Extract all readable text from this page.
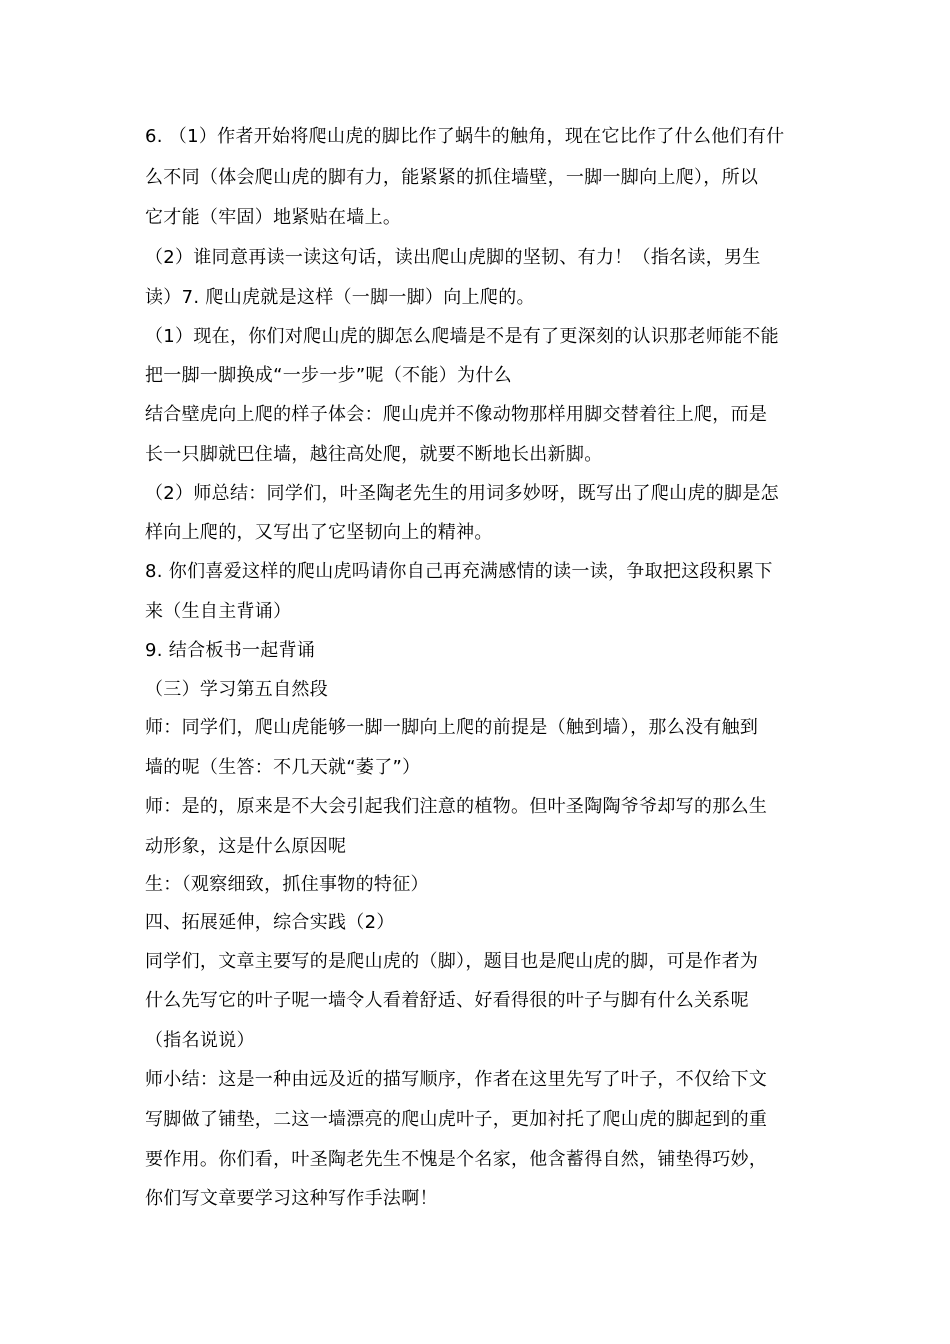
6. （1）作者开始将爬山虎的脚比作了蜗牛的触角，现在它比作了什么他们有什
么不同（体会爬山虎的脚有力，能紧紧的抓住墙壁，一脚一脚向上爬），所以
它才能（牢固）地紧贴在墙上。
（2）谁同意再读一读这句话，读出爬山虎脚的坚韧、有力！（指名读，男生
读）7. 爬山虎就是这样（一脚一脚）向上爬的。
（1）现在，你们对爬山虎的脚怎么爬墙是不是有了更深刻的认识那老师能不能
把一脚一脚换成“一步一步”呢（不能）为什么
结合壁虎向上爬的样子体会：爬山虎并不像动物那样用脚交替着往上爬，而是
长一只脚就巴住墙，越往高处爬，就要不断地长出新脚。
（2）师总结：同学们，叶圣陶老先生的用词多妙呀，既写出了爬山虎的脚是怎
样向上爬的，又写出了它坚韧向上的精神。
8. 你们喜爱这样的爬山虎吗请你自己再充满感情的读一读，争取把这段积累下
来（生自主背诵）
9. 结合板书一起背诵
（三）学习第五自然段
师：同学们，爬山虎能够一脚一脚向上爬的前提是（触到墙），那么没有触到
墙的呢（生答：不几天就“萎了”）
师：是的，原来是不大会引起我们注意的植物。但叶圣陶陶爷爷却写的那么生
动形象，这是什么原因呢
生：（观察细致，抓住事物的特征）
四、拓展延伸，综合实践（2）
同学们，文章主要写的是爬山虎的（脚），题目也是爬山虎的脚，可是作者为
什么先写它的叶子呢一墙令人看着舒适、好看得很的叶子与脚有什么关系呢
（指名说说）
师小结：这是一种由远及近的描写顺序，作者在这里先写了叶子，不仅给下文
写脚做了铺垫，二这一墙漂亮的爬山虎叶子，更加衬托了爬山虎的脚起到的重
要作用。你们看，叶圣陶老先生不愧是个名家，他含蓄得自然，铺垫得巧妙，
你们写文章要学习这种写作手法啊！
